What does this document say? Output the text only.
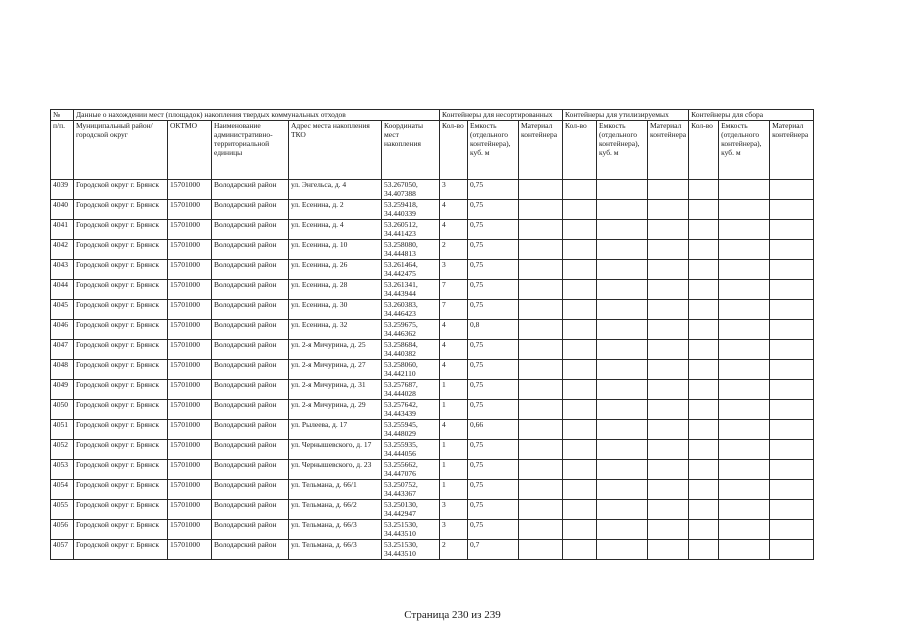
№	Данные о нахождении мест (площадок) накопления твердых коммунальных отходов					Контейнеры для несортированных			Контейнеры для утилизируемых			Контейнеры для сбора		
п/п.	Муниципальный район/городской округ	ОКТМО	Наименование административно-территориальной единицы	Адрес места накопления ТКО	Координаты мест накопления	Кол-во	Емкость (отдельного контейнера), куб. м	Материал контейнера	Кол-во	Емкость (отдельного контейнера), куб. м	Материал контейнера	Кол-во	Емкость (отдельного контейнера), куб. м	Материал контейнера
4039	Городской округ г. Брянск	15701000	Володарский район	ул. Энгельса, д. 4	53.267050, 34.407388	3	0,75							
4040	Городской округ г. Брянск	15701000	Володарский район	ул. Есенина, д. 2	53.259418, 34.440339	4	0,75							
4041	Городской округ г. Брянск	15701000	Володарский район	ул. Есенина, д. 4	53.260512, 34.441423	4	0,75							
4042	Городской округ г. Брянск	15701000	Володарский район	ул. Есенина, д. 10	53.258080, 34.444813	2	0,75							
4043	Городской округ г. Брянск	15701000	Володарский район	ул. Есенина, д. 26	53.261464, 34.442475	3	0,75							
4044	Городской округ г. Брянск	15701000	Володарский район	ул. Есенина, д. 28	53.261341, 34.443944	7	0,75							
4045	Городской округ г. Брянск	15701000	Володарский район	ул. Есенина, д. 30	53.260383, 34.446423	7	0,75							
4046	Городской округ г. Брянск	15701000	Володарский район	ул. Есенина, д. 32	53.259675, 34.446362	4	0,8							
4047	Городской округ г. Брянск	15701000	Володарский район	ул. 2-я Мичурина, д. 25	53.258684, 34.440382	4	0,75							
4048	Городской округ г. Брянск	15701000	Володарский район	ул. 2-я Мичурина, д. 27	53.258060, 34.442110	4	0,75							
4049	Городской округ г. Брянск	15701000	Володарский район	ул. 2-я Мичурина, д. 31	53.257687, 34.444028	1	0,75							
4050	Городской округ г. Брянск	15701000	Володарский район	ул. 2-я Мичурина, д. 29	53.257642, 34.443439	1	0,75							
4051	Городской округ г. Брянск	15701000	Володарский район	ул. Рылеева, д. 17	53.255945, 34.448029	4	0,66							
4052	Городской округ г. Брянск	15701000	Володарский район	ул. Чернышевского, д. 17	53.255935, 34.444056	1	0,75							
4053	Городской округ г. Брянск	15701000	Володарский район	ул. Чернышевского, д. 23	53.255662, 34.447076	1	0,75							
4054	Городской округ г. Брянск	15701000	Володарский район	ул. Тельмана, д. 66/1	53.250752, 34.443367	1	0,75							
4055	Городской округ г. Брянск	15701000	Володарский район	ул. Тельмана, д. 66/2	53.250130, 34.442947	3	0,75							
4056	Городской округ г. Брянск	15701000	Володарский район	ул. Тельмана, д. 66/3	53.251530, 34.443510	3	0,75							
4057	Городской округ г. Брянск	15701000	Володарский район	ул. Тельмана, д. 66/3	53.251530, 34.443510	2	0,7							
Страница 230 из 239
